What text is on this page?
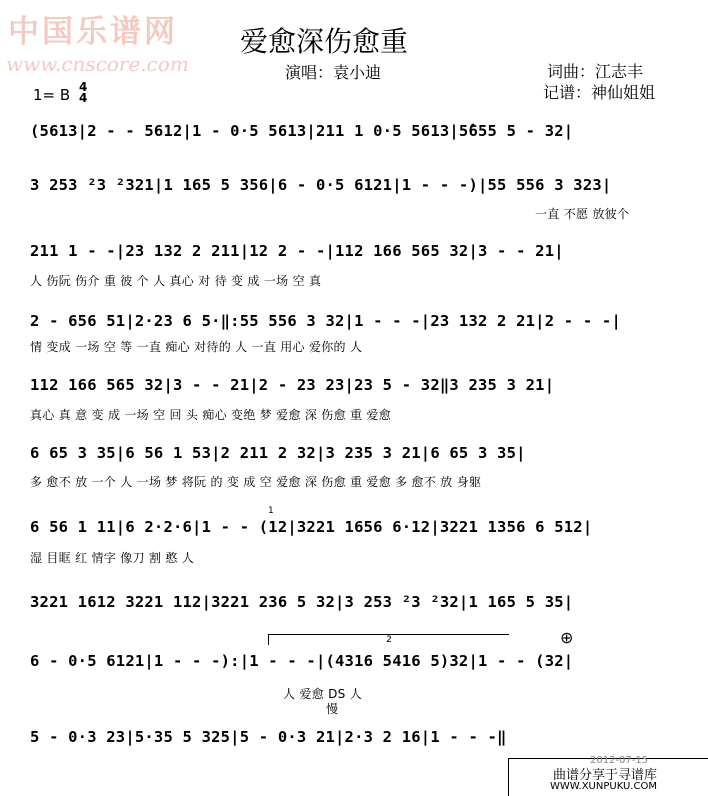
中国乐谱网
www.cnscore.com
爱愈深伤愈重
演唱：袁小迪	词曲：江志丰
记谱：神仙姐姐
1= B 4
4
(5613|2 - - 5612|1 - 0·5 5613|211 1 0·5 5613|5̂655 5 - 32|
3 253 ²3 ²321|1 165 5 356|6 - 0·5 6121|1 - - -)|55 556 3 323|
一直 不愿 放彼个
211 1 - -|23 132 2 211|12 2 - -|112 166 565 32|3 - - 21|
人 伤阮 伤介 重 彼 个 人 真心 对 待 变 成 一场 空 真
2 - 656 51|2·23 6 5·‖:55 556 3 32|1 - - -|23 132 2 21|2 - - -|
情 变成 一场 空 等 一直 痴心 对待的 人 一直 用心 爱你的 人
112 166 565 32|3 - - 21|2 - 23 23|23 5 - 32‖3 235 3 21|
真心 真 意 变 成 一场 空 回 头 痴心 变绝 梦 爱愈 深 伤愈 重 爱愈
6 65 3 35|6 56 1 53|2 211 2 32|3 235 3 21|6 65 3 35|
多 愈不 放 一个 人 一场 梦 将阮 的 变 成 空 爱愈 深 伤愈 重 爱愈 多 愈不 放 身躯
6 56 1 11|6 2·2·6|1 - - (12|3221 1656 6·12|3221 1356 6 512|
湿 目眶 红 情字 像刀 割 憨 人
3221 1612 3221 112|3221 236 5 32|3 253 ²3 ²32|1 165 5 35|
2
1
⊕
6 - 0·5 6121|1 - - -):|1 - - -|(4316 5416 5)32|1 - - (32|
人 爱愈 DS 人
慢
5 - 0·3 23|5·35 5 325|5 - 0·3 21|2·3 2 16|1 - - -‖
2012-07-15
曲谱分享于寻谱库
WWW.XUNPUKU.COM
